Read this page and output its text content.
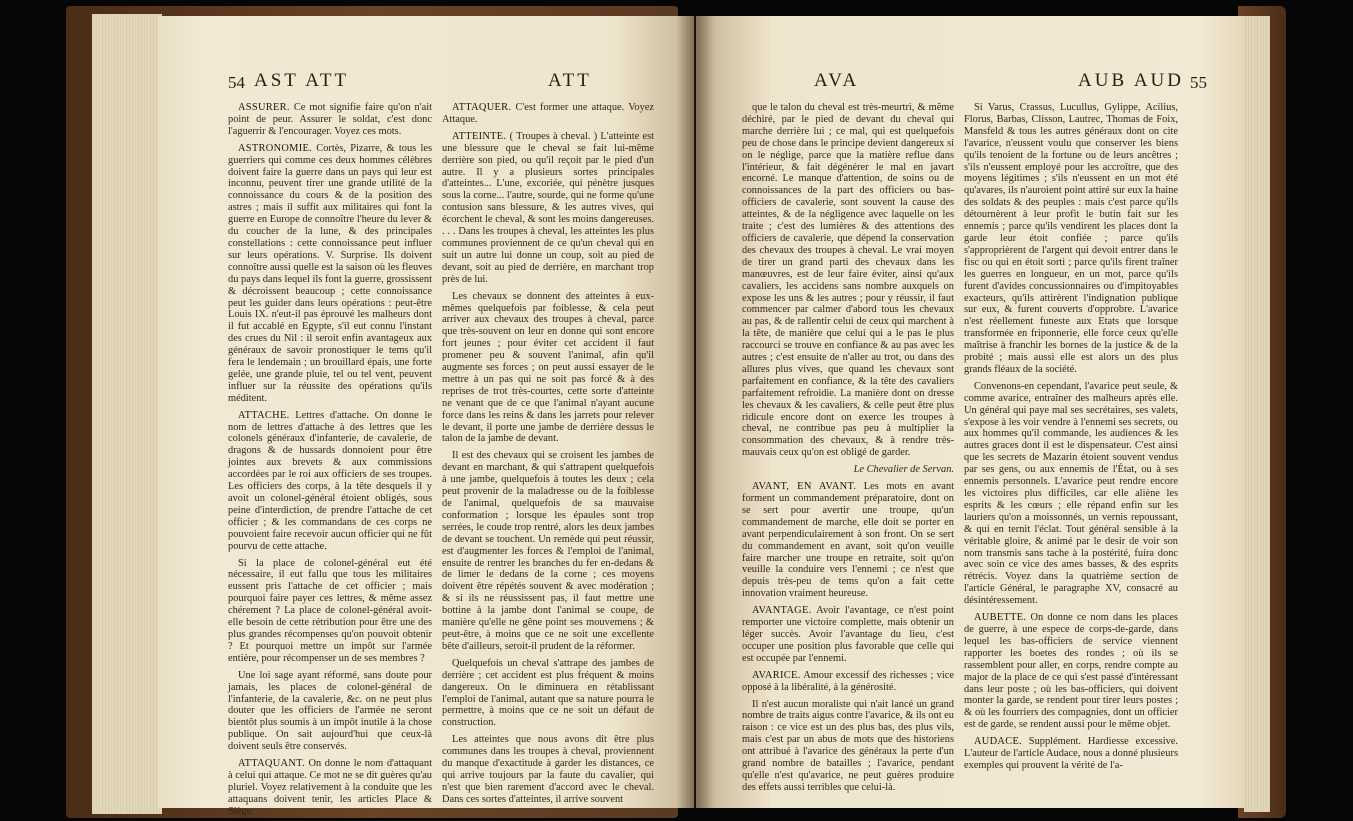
54 AST ATT	ATT

ASSURER. Ce mot signifie faire qu'on n'ait point de peur. Assurer le soldat, c'est donc l'aguerrir & l'encourager. Voyez ces mots.

ASTRONOMIE. Cortès, Pizarre, & tous les guerriers qui comme ces deux hommes célèbres doivent faire la guerre dans un pays qui leur est inconnu, peuvent tirer une grande utilité de la connoissance du cours & de la position des astres ; mais il suffit aux militaires qui font la guerre en Europe de connoître l'heure du lever & du coucher de la lune, & des principales constellations : cette connoissance peut influer sur leurs opérations. V. Surprise. Ils doivent connoître aussi quelle est la saison où les fleuves du pays dans lequel ils font la guerre, grossissent & décroissent beaucoup ; cette connoissance peut les guider dans leurs opérations : peut-être Louis IX. n'eut-il pas éprouvé les malheurs dont il fut accablé en Egypte, s'il eut connu l'instant des crues du Nil : il seroit enfin avantageux aux généraux de savoir pronostiquer le tems qu'il fera le lendemain ; un brouillard épais, une forte gelée, une grande pluie, tel ou tel vent, peuvent influer sur la réussite des opérations qu'ils méditent.

ATTACHE. Lettres d'attache. On donne le nom de lettres d'attache à des lettres que les colonels généraux d'infanterie, de cavalerie, de dragons & de hussards donnoient pour être jointes aux brevets & aux commissions accordées par le roi aux officiers de ses troupes. Les officiers des corps, à la tête desquels il y avoit un colonel-général étoient obligés, sous peine d'interdiction, de prendre l'attache de cet officier ; & les commandans de ces corps ne pouvoient faire recevoir aucun officier qui ne fût pourvu de cette attache.

Si la place de colonel-général eut été nécessaire, il eut fallu que tous les militaires eussent pris l'attache de cet officier ; mais pourquoi faire payer ces lettres, & même assez chérement ? La place de colonel-général avoit-elle besoin de cette rétribution pour être une des plus grandes récompenses qu'on pouvoit obtenir ? Et pourquoi mettre un impôt sur l'armée entière, pour récompenser un de ses membres ?

Une loi sage ayant réformé, sans doute pour jamais, les places de colonel-général de l'infanterie, de la cavalerie, &c. on ne peut plus douter que les officiers de l'armée ne seront bientôt plus soumis à un impôt inutile à la chose publique. On sait aujourd'hui que ceux-là doivent seuls être conservés.

ATTAQUANT. On donne le nom d'attaquant à celui qui attaque. Ce mot ne se dit guères qu'au pluriel. Voyez relativement à la conduite que les attaquans doivent tenir, les articles Place & Siège.

ATTAQUER. C'est former une attaque. Voyez Attaque.

ATTEINTE. ( Troupes à cheval. ) L'atteinte est une blessure que le cheval se fait lui-même derrière son pied, ou qu'il reçoit par le pied d'un autre. Il y a plusieurs sortes principales d'atteintes... L'une, excoriée, qui pénètre jusques sous la corne... l'autre, sourde, qui ne forme qu'une contusion sans blessure, & les autres vives, qui écorchent le cheval, & sont les moins dangereuses. . . . Dans les troupes à cheval, les atteintes les plus communes proviennent de ce qu'un cheval qui en suit un autre lui donne un coup, soit au pied de devant, soit au pied de derrière, en marchant trop près de lui.

Les chevaux se donnent des atteintes à eux-mêmes quelquefois par foiblesse, & cela peut arriver aux chevaux des troupes à cheval, parce que très-souvent on leur en donne qui sont encore fort jeunes ; pour éviter cet accident il faut promener peu & souvent l'animal, afin qu'il augmente ses forces ; on peut aussi essayer de le mettre à un pas qui ne soit pas forcé & à des reprises de trot très-courtes, cette sorte d'atteinte ne venant que de ce que l'animal n'ayant aucune force dans les reins & dans les jarrets pour relever le devant, il porte une jambe de derrière dessus le talon de la jambe de devant.

Il est des chevaux qui se croisent les jambes de devant en marchant, & qui s'attrapent quelquefois à une jambe, quelquefois à toutes les deux ; cela peut provenir de la maladresse ou de la foiblesse de l'animal, quelquefois de sa mauvaise conformation ; lorsque les épaules sont trop serrées, le coude trop rentré, alors les deux jambes de devant se touchent. Un remède qui peut réussir, est d'augmenter les forces & l'emploi de l'animal, ensuite de rentrer les branches du fer en-dedans & de limer le dedans de la corne ; ces moyens doivent être répétés souvent & avec modération ; & si ils ne réussissent pas, il faut mettre une bottine à la jambe dont l'animal se coupe, de manière qu'elle ne gêne point ses mouvemens ; & peut-être, à moins que ce ne soit une excellente bête d'ailleurs, seroit-il prudent de la réformer.

Quelquefois un cheval s'attrape des jambes de derrière ; cet accident est plus fréquent & moins dangereux. On le diminuera en rétablissant l'emploi de l'animal, autant que sa nature pourra le permettre, à moins que ce ne soit un défaut de construction.

Les atteintes que nous avons dit être plus communes dans les troupes à cheval, proviennent du manque d'exactitude à garder les distances, ce qui arrive toujours par la faute du cavalier, qui n'est que bien rarement d'accord avec le cheval. Dans ces sortes d'atteintes, il arrive souvent

AVA	AUB AUD 55

que le talon du cheval est très-meurtri, & même déchiré, par le pied de devant du cheval qui marche derrière lui ; ce mal, qui est quelquefois peu de chose dans le principe devient dangereux si on le néglige, parce que la matière reflue dans l'intérieur, & fait dégénérer le mal en javart encorné. Le manque d'attention, de soins ou de connoissances de la part des officiers ou bas-officiers de cavalerie, sont souvent la cause des atteintes, & de la négligence avec laquelle on les traite ; c'est des lumières & des attentions des officiers de cavalerie, que dépend la conservation des chevaux des troupes à cheval. Le vrai moyen de tirer un grand parti des chevaux dans les manœuvres, est de leur faire éviter, ainsi qu'aux cavaliers, les accidens sans nombre auxquels on expose les uns & les autres ; pour y réussir, il faut commencer par calmer d'abord tous les chevaux au pas, & de rallentir celui de ceux qui marchent à la tête, de manière que celui qui a le pas le plus raccourci se trouve en confiance & au pas avec les autres ; c'est ensuite de n'aller au trot, ou dans des allures plus vives, que quand les chevaux sont parfaitement en confiance, & la tête des cavaliers parfaitement refroidie. La manière dont on dresse les chevaux & les cavaliers, & celle peut être plus ridicule encore dont on exerce les troupes à cheval, ne contribue pas peu à multiplier la consommation des chevaux, & à rendre très-mauvais ceux qu'on est obligé de garder.

Le Chevalier de Servan.

AVANT, EN AVANT. Les mots en avant forment un commandement préparatoire, dont on se sert pour avertir une troupe, qu'un commandement de marche, elle doit se porter en avant perpendiculairement à son front. On se sert du commandement en avant, soit qu'on veuille faire marcher une troupe en retraite, soit qu'on veuille la conduire vers l'ennemi ; ce n'est que depuis très-peu de tems qu'on a fait cette innovation vraiment heureuse.

AVANTAGE. Avoir l'avantage, ce n'est point remporter une victoire complette, mais obtenir un léger succès. Avoir l'avantage du lieu, c'est occuper une position plus favorable que celle qui est occupée par l'ennemi.

AVARICE. Amour excessif des richesses ; vice opposé à la libéralité, à la générosité.

Il n'est aucun moraliste qui n'ait lancé un grand nombre de traits aigus contre l'avarice, & ils ont eu raison : ce vice est un des plus bas, des plus vils, mais c'est par un abus de mots que des historiens ont attribué à l'avarice des généraux la perte d'un grand nombre de batailles ; l'avarice, pendant qu'elle n'est qu'avarice, ne peut guères produire des effets aussi terribles que celui-là.

Si Varus, Crassus, Lucullus, Gylippe, Acilius, Florus, Barbas, Clisson, Lautrec, Thomas de Foix, Mansfeld & tous les autres généraux dont on cite l'avarice, n'eussent voulu que conserver les biens qu'ils tenoient de la fortune ou de leurs ancêtres ; s'ils n'eussent employé pour les accroître, que des moyens légitimes ; s'ils n'eussent en un mot été qu'avares, ils n'auroient point attiré sur eux la haine des soldats & des peuples : mais c'est parce qu'ils détournèrent à leur profit le butin fait sur les ennemis ; parce qu'ils vendirent les places dont la garde leur étoit confiée ; parce qu'ils s'approprièrent de l'argent qui devoit entrer dans le fisc ou qui en étoit sorti ; parce qu'ils firent traîner les guerres en longueur, en un mot, parce qu'ils furent d'avides concussionnaires ou d'impitoyables exacteurs, qu'ils attirèrent l'indignation publique sur eux, & furent couverts d'opprobre. L'avarice n'est réellement funeste aux Etats que lorsque transformée en friponnerie, elle force ceux qu'elle maîtrise à franchir les bornes de la justice & de la probité ; mais aussi elle est alors un des plus grands fléaux de la société.

Convenons-en cependant, l'avarice peut seule, & comme avarice, entraîner des malheurs après elle. Un général qui paye mal ses secrétaires, ses valets, s'expose à les voir vendre à l'ennemi ses secrets, ou aux hommes qu'il commande, les audiences & les autres graces dont il est le dispensateur. C'est ainsi que les secrets de Mazarin étoient souvent vendus par ses gens, ou aux ennemis de l'État, ou à ses ennemis personnels. L'avarice peut rendre encore les victoires plus difficiles, car elle aliène les esprits & les cœurs ; elle répand enfin sur les lauriers qu'on a moissonnés, un vernis repoussant, & qui en ternit l'éclat. Tout général sensible à la véritable gloire, & animé par le desir de voir son nom transmis sans tache à la postérité, fuira donc avec soin ce vice des ames basses, & des esprits rétrécis. Voyez dans la quatrième section de l'article Général, le paragraphe XV, consacré au désintéressement.

AUBETTE. On donne ce nom dans les places de guerre, à une espece de corps-de-garde, dans lequel les bas-officiers de service viennent rapporter les boetes des rondes ; où ils se rassemblent pour aller, en corps, rendre compte au major de la place de ce qui s'est passé d'intéressant dans leur poste ; où les bas-officiers, qui doivent monter la garde, se rendent pour tirer leurs postes ; & où les fourriers des compagnies, dont un officier est de garde, se rendent aussi pour le même objet.

AUDACE. Supplément. Hardiesse excessive. L'auteur de l'article Audace, nous a donné plusieurs exemples qui prouvent la vérité de l'a-
